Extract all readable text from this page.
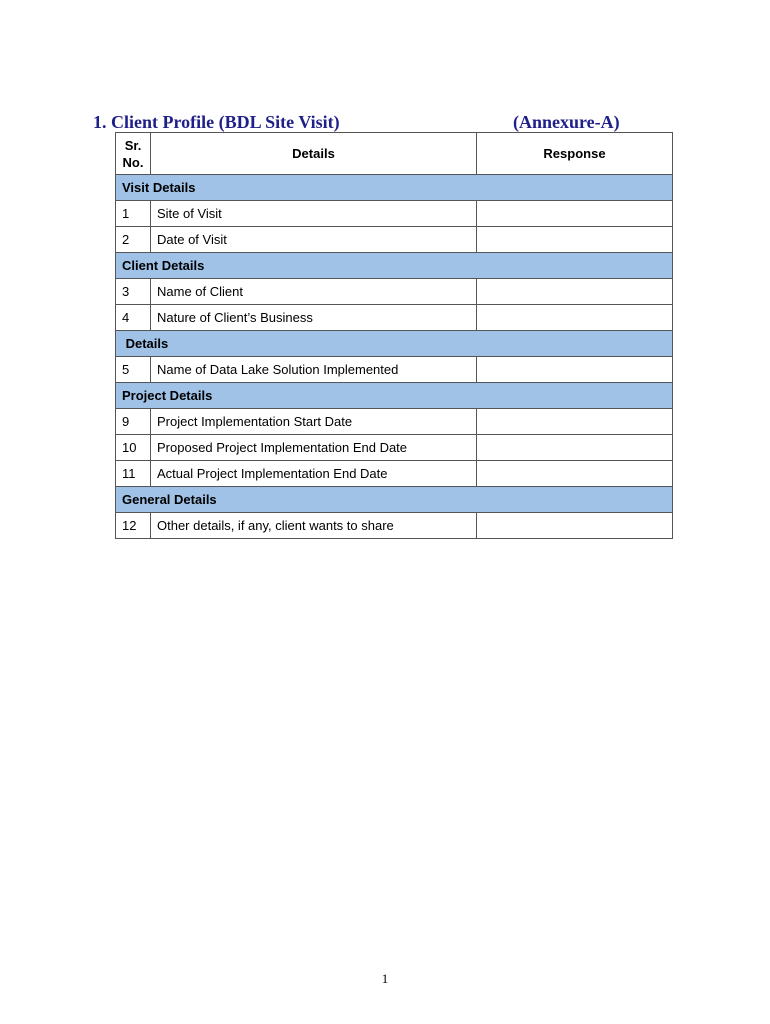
1. Client Profile (BDL Site Visit)	(Annexure-A)
Sr.
No.	Details	Response
Visit Details		
1	Site of Visit	
2	Date of Visit	
Client Details		
3	Name of Client	
4	Nature of Client’s Business	
Details		
5	Name of Data Lake Solution Implemented	
Project Details		
9	Project Implementation Start Date	
10	Proposed Project Implementation End Date	
11	Actual Project Implementation End Date	
General Details		
12	Other details, if any, client wants to share	
1
